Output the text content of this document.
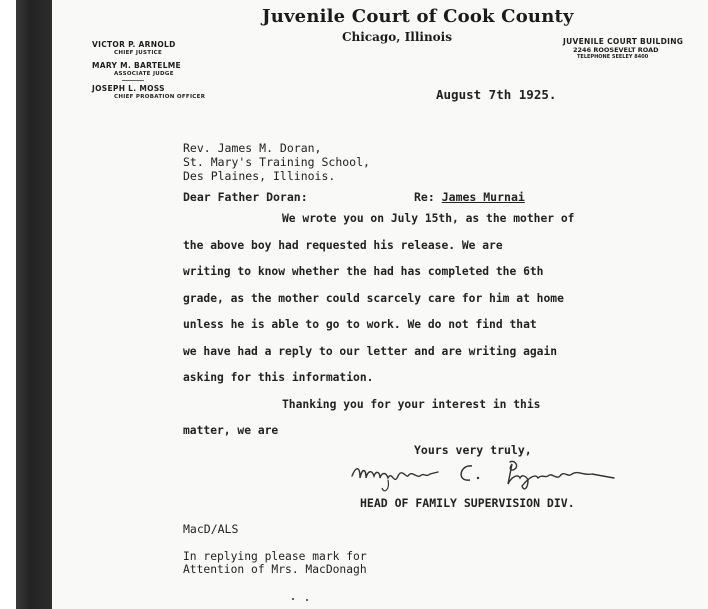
Juvenile Court of Cook County
Chicago, Illinois
VICTOR P. ARNOLD
CHIEF JUSTICE
MARY M. BARTELME
ASSOCIATE JUDGE
JOSEPH L. MOSS
CHIEF PROBATION OFFICER
JUVENILE COURT BUILDING
2246 ROOSEVELT ROAD
TELEPHONE SEELEY 8400
August 7th 1925.
Rev. James M. Doran,
St. Mary's Training School,
Des Plaines, Illinois.
Dear Father Doran:	Re: James Murnai
We wrote you on July 15th, as the mother of
the above boy had requested his release. We are
writing to know whether the had has completed the 6th
grade, as the mother could scarcely care for him at home
unless he is able to go to work. We do not find that
we have had a reply to our letter and are writing again
asking for this information.
Thanking you for your interest in this
matter, we are
Yours very truly,
HEAD OF FAMILY SUPERVISION DIV.
MacD/ALS
In replying please mark for
Attention of Mrs. MacDonagh
